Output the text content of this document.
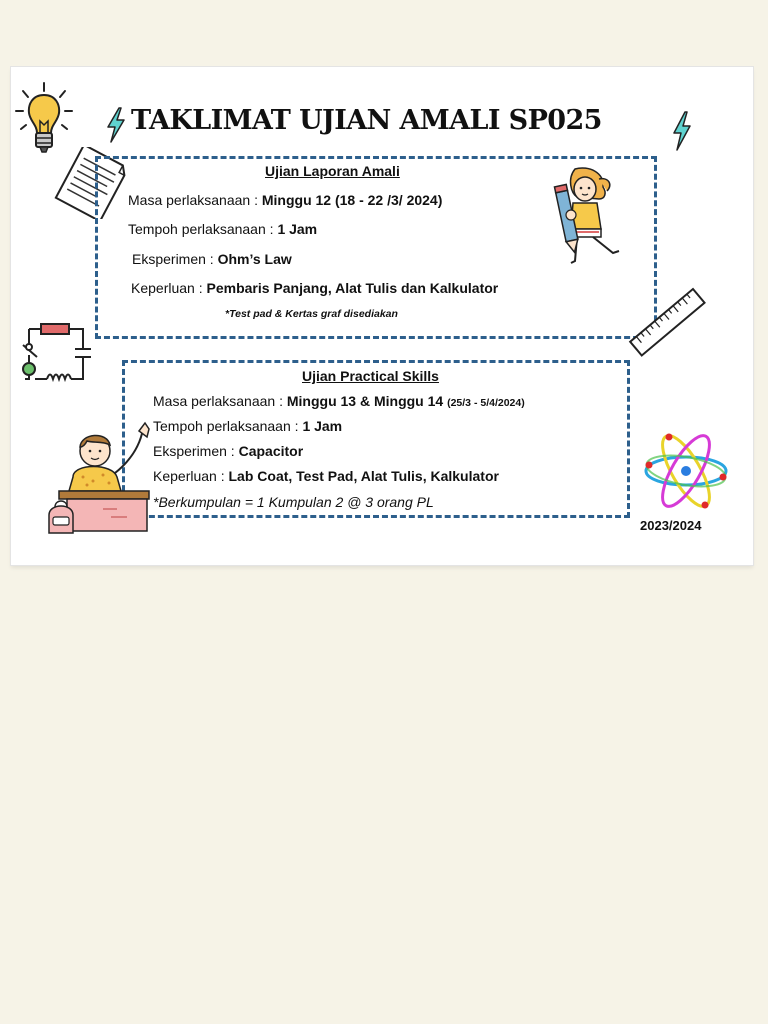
TAKLIMAT UJIAN AMALI SP025
Ujian Laporan Amali
Masa perlaksanaan : Minggu 12 (18 - 22 /3/ 2024)
Tempoh perlaksanaan : 1 Jam
Eksperimen : Ohm’s Law
Keperluan : Pembaris Panjang, Alat Tulis dan Kalkulator
*Test pad & Kertas graf disediakan
Ujian Practical Skills
Masa perlaksanaan : Minggu 13 & Minggu 14 (25/3 - 5/4/2024)
Tempoh perlaksanaan : 1 Jam
Eksperimen : Capacitor
Keperluan : Lab Coat, Test Pad, Alat Tulis, Kalkulator
*Berkumpulan = 1 Kumpulan 2 @ 3 orang PL
2023/2024
